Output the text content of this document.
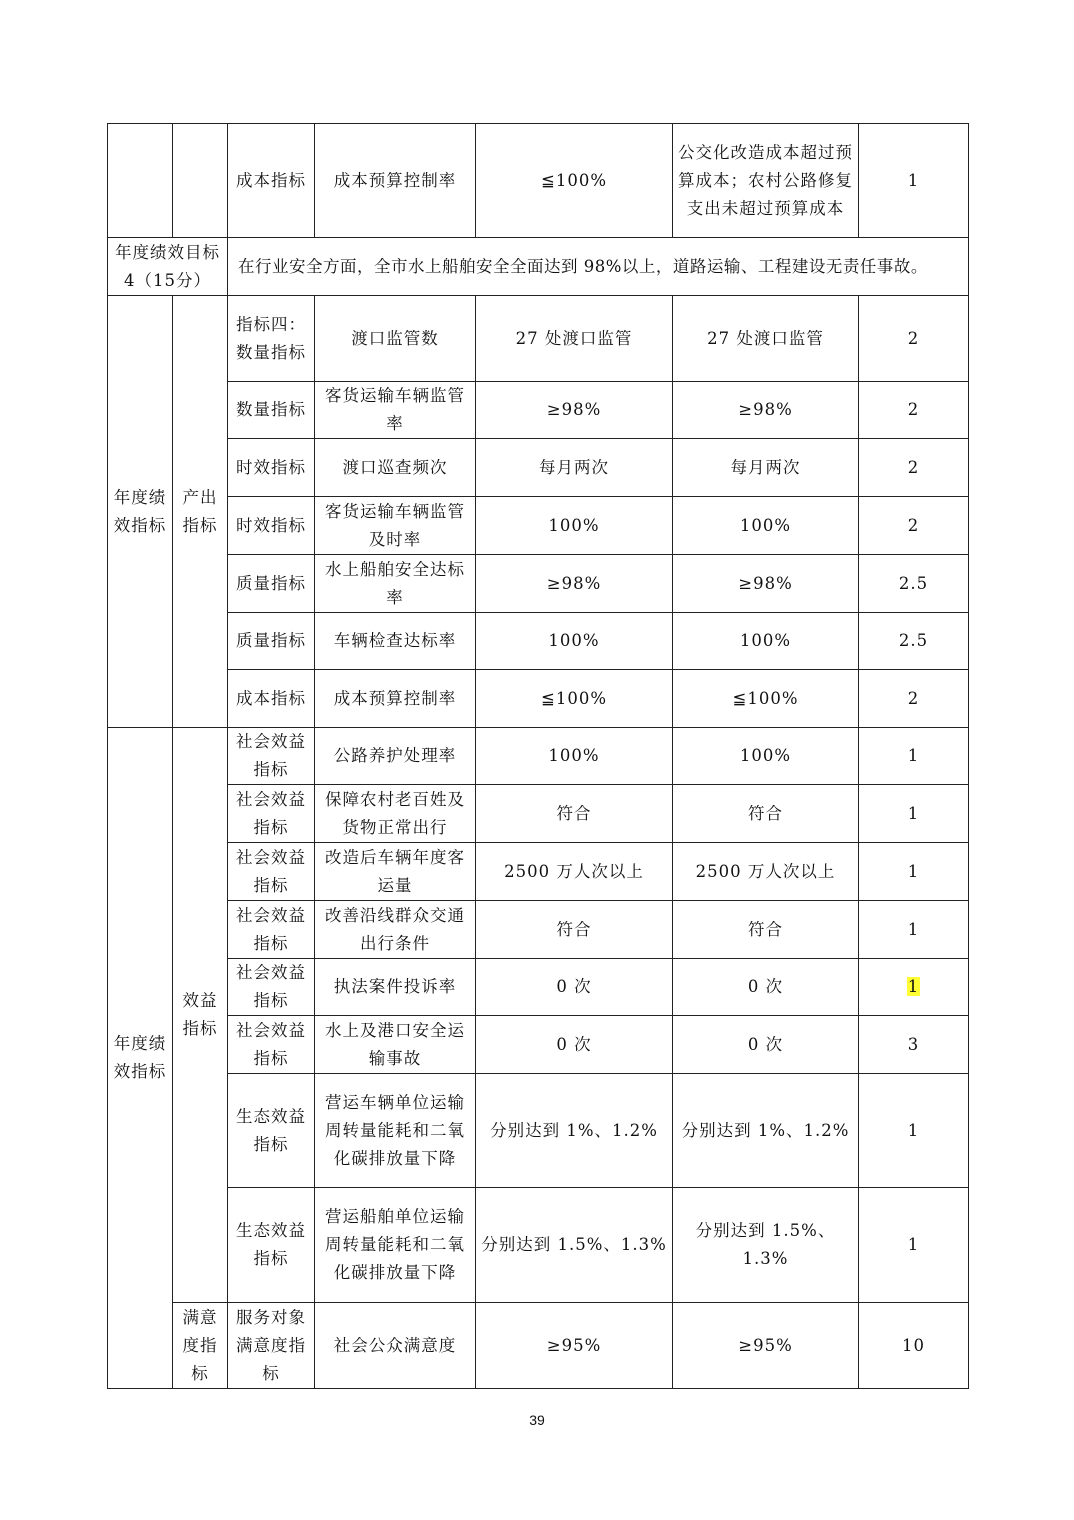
		成本指标	成本预算控制率	≦100%	公交化改造成本超过预算成本；农村公路修复支出未超过预算成本	1
年度绩效目标4（15分）		在行业安全方面，全市水上船舶安全全面达到 98%以上，道路运输、工程建设无责任事故。				
年度绩效指标	产出指标	指标四：数量指标	渡口监管数	27 处渡口监管	27 处渡口监管	2
		数量指标	客货运输车辆监管率	≥98%	≥98%	2
		时效指标	渡口巡查频次	每月两次	每月两次	2
		时效指标	客货运输车辆监管及时率	100%	100%	2
		质量指标	水上船舶安全达标率	≥98%	≥98%	2.5
		质量指标	车辆检查达标率	100%	100%	2.5
		成本指标	成本预算控制率	≦100%	≦100%	2
年度绩效指标	效益指标	社会效益指标	公路养护处理率	100%	100%	1
		社会效益指标	保障农村老百姓及货物正常出行	符合	符合	1
		社会效益指标	改造后车辆年度客运量	2500 万人次以上	2500 万人次以上	1
		社会效益指标	改善沿线群众交通出行条件	符合	符合	1
		社会效益指标	执法案件投诉率	0 次	0 次	1
		社会效益指标	水上及港口安全运输事故	0 次	0 次	3
		生态效益指标	营运车辆单位运输周转量能耗和二氧化碳排放量下降	分别达到 1%、1.2%	分别达到 1%、1.2%	1
		生态效益指标	营运船舶单位运输周转量能耗和二氧化碳排放量下降	分别达到 1.5%、1.3%	分别达到 1.5%、1.3%	1
	满意度指标	服务对象满意度指标	社会公众满意度	≥95%	≥95%	10
39
